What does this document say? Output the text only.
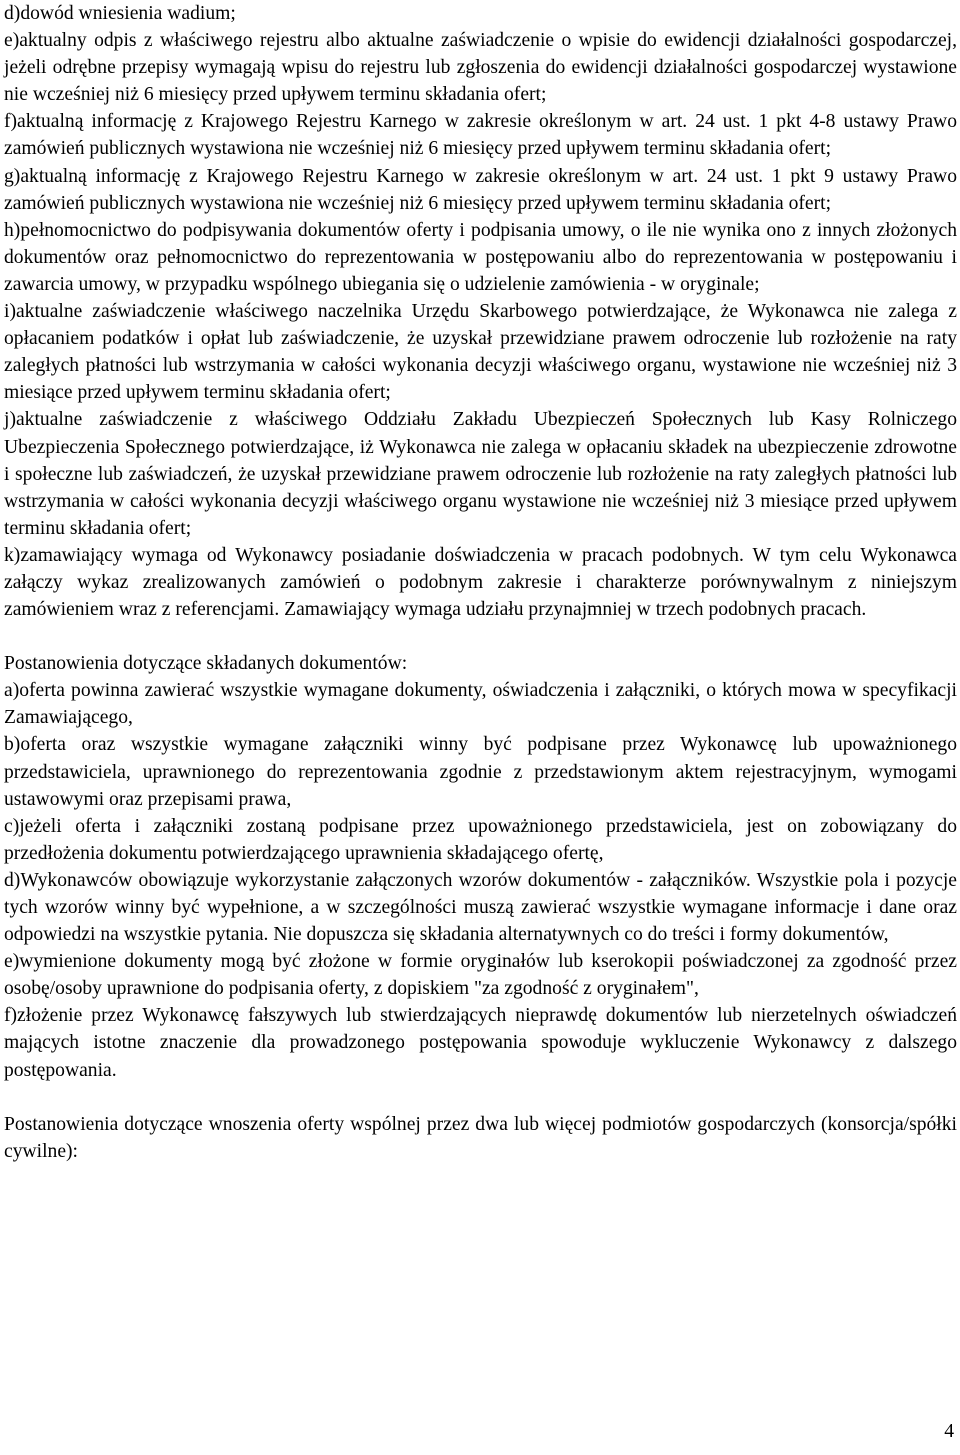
d)dowód wniesienia wadium;

e)aktualny odpis z właściwego rejestru albo aktualne zaświadczenie o wpisie do ewidencji działalności gospodarczej, jeżeli odrębne przepisy wymagają wpisu do rejestru lub zgłoszenia do ewidencji działalności gospodarczej wystawione nie wcześniej niż 6 miesięcy przed upływem terminu składania ofert;

f)aktualną informację z Krajowego Rejestru Karnego w zakresie określonym w art. 24 ust. 1 pkt 4-8 ustawy Prawo zamówień publicznych wystawiona nie wcześniej niż 6 miesięcy przed upływem terminu składania ofert;

g)aktualną informację z Krajowego Rejestru Karnego w zakresie określonym w art. 24 ust. 1 pkt 9 ustawy Prawo zamówień publicznych wystawiona nie wcześniej niż 6 miesięcy przed upływem terminu składania ofert;

h)pełnomocnictwo do podpisywania dokumentów oferty i podpisania umowy, o ile nie wynika ono z innych złożonych dokumentów oraz pełnomocnictwo do reprezentowania w postępowaniu albo do reprezentowania w postępowaniu i zawarcia umowy, w przypadku wspólnego ubiegania się o udzielenie zamówienia - w oryginale;

i)aktualne zaświadczenie właściwego naczelnika Urzędu Skarbowego potwierdzające, że Wykonawca nie zalega z opłacaniem podatków i opłat lub zaświadczenie, że uzyskał przewidziane prawem odroczenie lub rozłożenie na raty zaległych płatności lub wstrzymania w całości wykonania decyzji właściwego organu, wystawione nie wcześniej niż 3 miesiące przed upływem terminu składania ofert;

j)aktualne zaświadczenie z właściwego Oddziału Zakładu Ubezpieczeń Społecznych lub Kasy Rolniczego Ubezpieczenia Społecznego potwierdzające, iż Wykonawca nie zalega w opłacaniu składek na ubezpieczenie zdrowotne i społeczne lub zaświadczeń, że uzyskał przewidziane prawem odroczenie lub rozłożenie na raty zaległych płatności lub wstrzymania w całości wykonania decyzji właściwego organu wystawione nie wcześniej niż 3 miesiące przed upływem terminu składania ofert;

k)zamawiający wymaga od Wykonawcy posiadanie doświadczenia w pracach podobnych. W tym celu Wykonawca załączy wykaz zrealizowanych zamówień o podobnym zakresie i charakterze porównywalnym z niniejszym zamówieniem wraz z referencjami. Zamawiający wymaga udziału przynajmniej w trzech podobnych pracach.

Postanowienia dotyczące składanych dokumentów:

a)oferta powinna zawierać wszystkie wymagane dokumenty, oświadczenia i załączniki, o których mowa w specyfikacji Zamawiającego,

b)oferta oraz wszystkie wymagane załączniki winny być podpisane przez Wykonawcę lub upoważnionego przedstawiciela, uprawnionego do reprezentowania zgodnie z przedstawionym aktem rejestracyjnym, wymogami ustawowymi oraz przepisami prawa,

c)jeżeli oferta i załączniki zostaną podpisane przez upoważnionego przedstawiciela, jest on zobowiązany do przedłożenia dokumentu potwierdzającego uprawnienia składającego ofertę,

d)Wykonawców obowiązuje wykorzystanie załączonych wzorów dokumentów - załączników. Wszystkie pola i pozycje tych wzorów winny być wypełnione, a w szczególności muszą zawierać wszystkie wymagane informacje i dane oraz odpowiedzi na wszystkie pytania. Nie dopuszcza się składania alternatywnych co do treści i formy dokumentów,

e)wymienione dokumenty mogą być złożone w formie oryginałów lub kserokopii poświadczonej za zgodność przez osobę/osoby uprawnione do podpisania oferty, z dopiskiem "za zgodność z oryginałem",

f)złożenie przez Wykonawcę fałszywych lub stwierdzających nieprawdę dokumentów lub nierzetelnych oświadczeń mających istotne znaczenie dla prowadzonego postępowania spowoduje wykluczenie Wykonawcy z dalszego postępowania.

Postanowienia dotyczące wnoszenia oferty wspólnej przez dwa lub więcej podmiotów gospodarczych (konsorcja/spółki cywilne):

4
